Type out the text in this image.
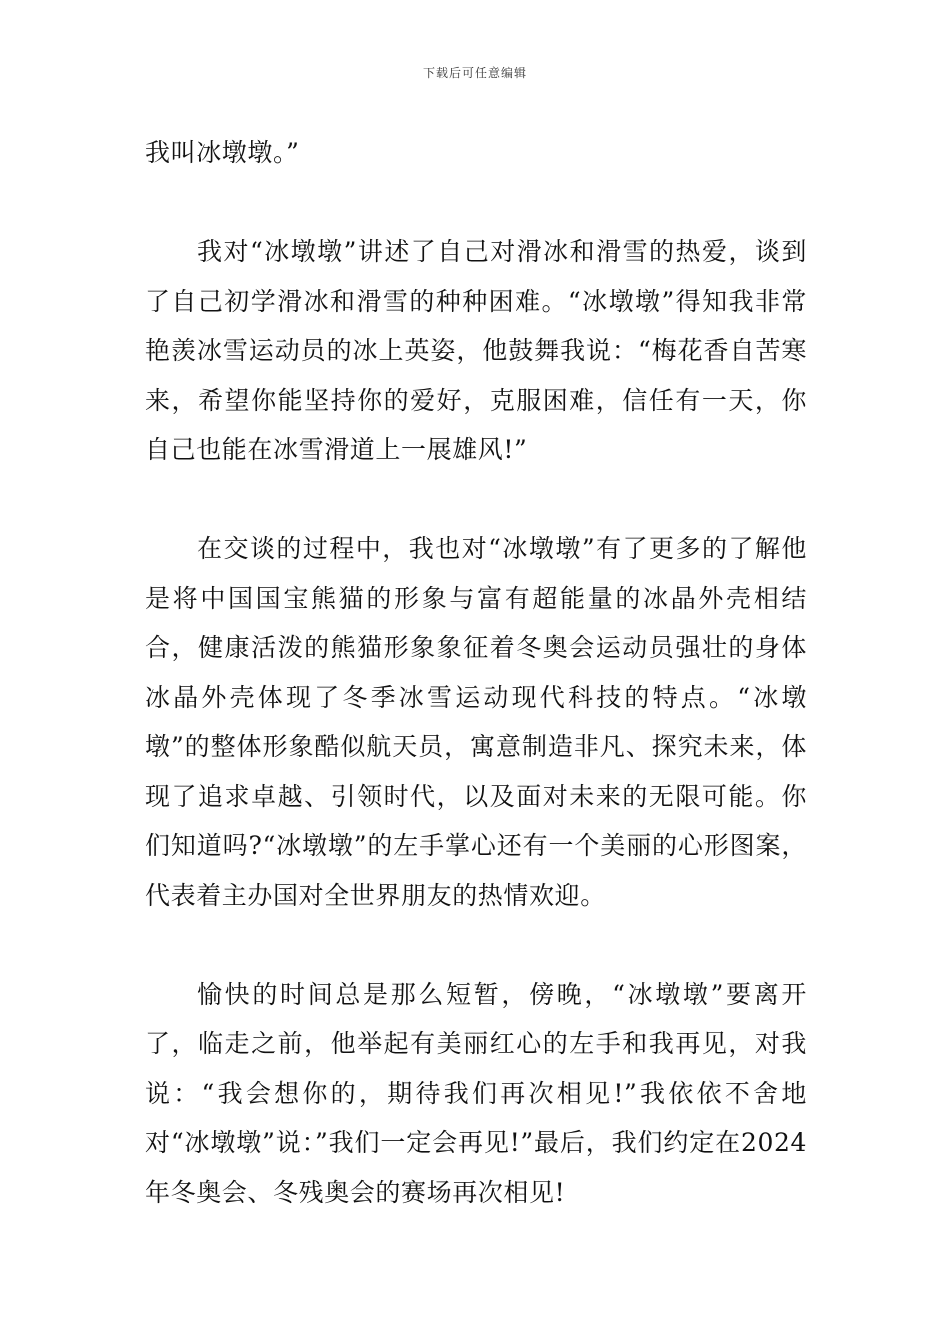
下载后可任意编辑

我叫冰墩墩。”

我对“冰墩墩”讲述了自己对滑冰和滑雪的热爱，谈到了自己初学滑冰和滑雪的种种困难。“冰墩墩”得知我非常艳羡冰雪运动员的冰上英姿，他鼓舞我说：“梅花香自苦寒来，希望你能坚持你的爱好，克服困难，信任有一天，你自己也能在冰雪滑道上一展雄风!”

在交谈的过程中，我也对“冰墩墩”有了更多的了解他是将中国国宝熊猫的形象与富有超能量的冰晶外壳相结合，健康活泼的熊猫形象象征着冬奥会运动员强壮的身体冰晶外壳体现了冬季冰雪运动现代科技的特点。“冰墩墩”的整体形象酷似航天员，寓意制造非凡、探究未来，体现了追求卓越、引领时代，以及面对未来的无限可能。你们知道吗?“冰墩墩”的左手掌心还有一个美丽的心形图案，代表着主办国对全世界朋友的热情欢迎。

愉快的时间总是那么短暂，傍晚，“冰墩墩”要离开了，临走之前，他举起有美丽红心的左手和我再见，对我说：“我会想你的，期待我们再次相见!”我依依不舍地对“冰墩墩”说：”我们一定会再见!”最后，我们约定在2024年冬奥会、冬残奥会的赛场再次相见!
